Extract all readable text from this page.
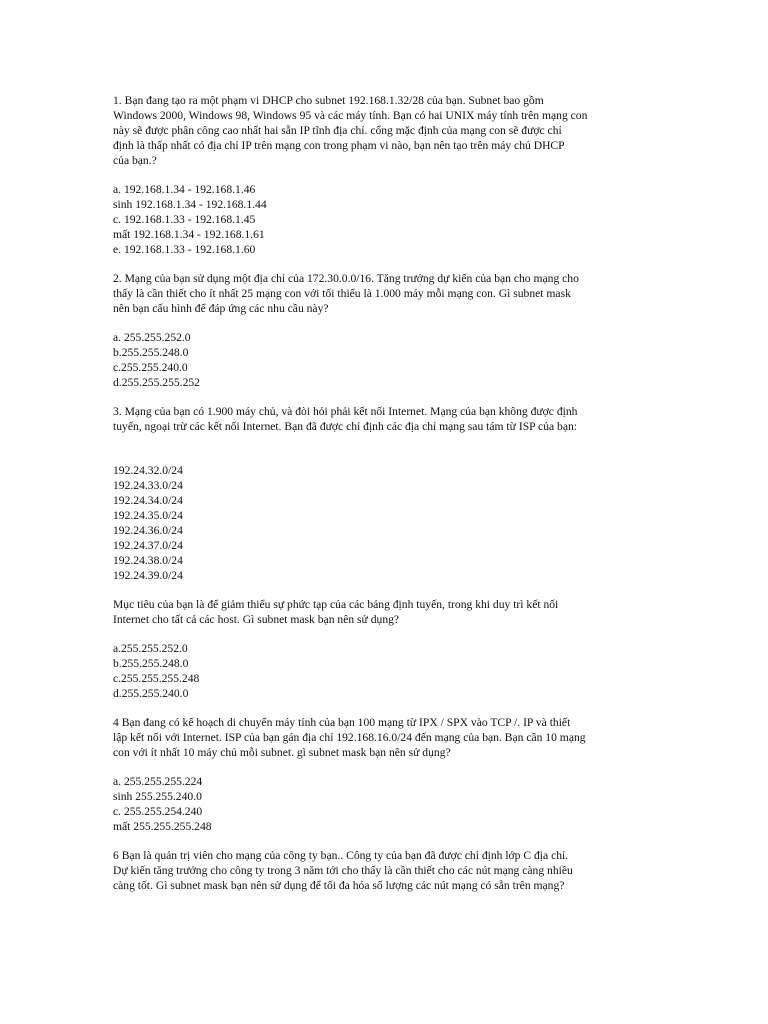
1. Bạn đang tạo ra một phạm vi DHCP cho subnet 192.168.1.32/28 của bạn. Subnet bao gồm
Windows 2000, Windows 98, Windows 95 và các máy tính. Bạn có hai UNIX máy tính trên mạng con
này sẽ được phân công cao nhất hai sẵn IP tĩnh địa chỉ. cổng mặc định của mạng con sẽ được chỉ
định là thấp nhất có địa chỉ IP trên mạng con trong phạm vi nào, bạn nên tạo trên máy chủ DHCP
của bạn.?
a. 192.168.1.34 - 192.168.1.46
sinh 192.168.1.34 - 192.168.1.44
c. 192.168.1.33 - 192.168.1.45
mất 192.168.1.34 - 192.168.1.61
e. 192.168.1.33 - 192.168.1.60
2. Mạng của bạn sử dụng một địa chỉ của 172.30.0.0/16. Tăng trưởng dự kiến của bạn cho mạng cho
thấy là cần thiết cho ít nhất 25 mạng con với tối thiểu là 1.000 máy mỗi mạng con. Gì subnet mask
nên bạn cấu hình để đáp ứng các nhu cầu này?
a. 255.255.252.0
b.255.255.248.0
c.255.255.240.0
d.255.255.255.252
3. Mạng của bạn có 1.900 máy chủ, và đòi hỏi phải kết nối Internet. Mạng của bạn không được định
tuyến, ngoại trừ các kết nối Internet. Bạn đã được chỉ định các địa chỉ mạng sau tám từ ISP của bạn:
192.24.32.0/24
192.24.33.0/24
192.24.34.0/24
192.24.35.0/24
192.24.36.0/24
192.24.37.0/24
192.24.38.0/24
192.24.39.0/24
Mục tiêu của bạn là để giảm thiểu sự phức tạp của các bảng định tuyến, trong khi duy trì kết nối
Internet cho tất cả các host. Gì subnet mask bạn nên sử dụng?
a.255.255.252.0
b.255.255.248.0
c.255.255.255.248
d.255.255.240.0
4 Bạn đang có kế hoạch di chuyển máy tính của bạn 100 mạng từ IPX / SPX vào TCP /. IP và thiết
lập kết nối với Internet. ISP của bạn gán địa chỉ 192.168.16.0/24 đến mạng của bạn. Bạn cần 10 mạng
con với ít nhất 10 máy chủ mỗi subnet. gì subnet mask bạn nên sử dụng?
a. 255.255.255.224
sinh 255.255.240.0
c. 255.255.254.240
mất 255.255.255.248
6 Bạn là quản trị viên cho mạng của công ty bạn.. Công ty của bạn đã được chỉ định lớp C địa chỉ.
Dự kiến tăng trưởng cho công ty trong 3 năm tới cho thấy là cần thiết cho các nút mạng càng nhiều
càng tốt. Gì subnet mask bạn nên sử dụng để tối đa hóa số lượng các nút mạng có sẵn trên mạng?
